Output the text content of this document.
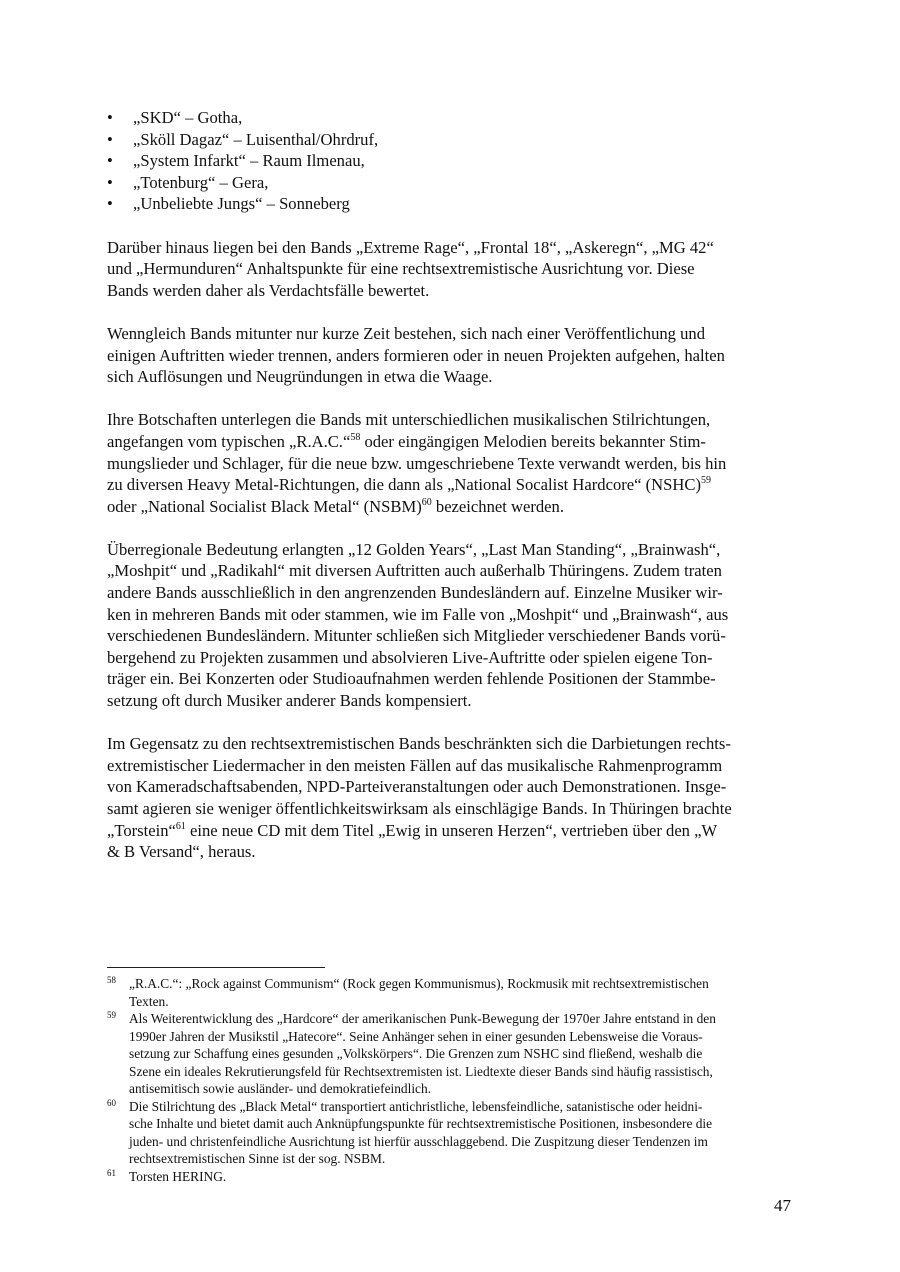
• „SKD“ – Gotha,
• „Sköll Dagaz“ – Luisenthal/Ohrdruf,
• „System Infarkt“ – Raum Ilmenau,
• „Totenburg“ – Gera,
• „Unbeliebte Jungs“ – Sonneberg

Darüber hinaus liegen bei den Bands „Extreme Rage“, „Frontal 18“, „Askeregn“, „MG 42“
und „Hermunduren“ Anhaltspunkte für eine rechtsextremistische Ausrichtung vor. Diese
Bands werden daher als Verdachtsfälle bewertet.

Wenngleich Bands mitunter nur kurze Zeit bestehen, sich nach einer Veröffentlichung und
einigen Auftritten wieder trennen, anders formieren oder in neuen Projekten aufgehen, halten
sich Auflösungen und Neugründungen in etwa die Waage.

Ihre Botschaften unterlegen die Bands mit unterschiedlichen musikalischen Stilrichtungen,
angefangen vom typischen „R.A.C.“$^{58}$ oder eingängigen Melodien bereits bekannter Stim-
mungslieder und Schlager, für die neue bzw. umgeschriebene Texte verwandt werden, bis hin
zu diversen Heavy Metal-Richtungen, die dann als „National Socalist Hardcore“ (NSHC)$^{59}$
oder „National Socialist Black Metal“ (NSBM)$^{60}$ bezeichnet werden.

Überregionale Bedeutung erlangten „12 Golden Years“, „Last Man Standing“, „Brainwash“,
„Moshpit“ und „Radikahl“ mit diversen Auftritten auch außerhalb Thüringens. Zudem traten
andere Bands ausschließlich in den angrenzenden Bundesländern auf. Einzelne Musiker wir-
ken in mehreren Bands mit oder stammen, wie im Falle von „Moshpit“ und „Brainwash“, aus
verschiedenen Bundesländern. Mitunter schließen sich Mitglieder verschiedener Bands vorü-
bergehend zu Projekten zusammen und absolvieren Live-Auftritte oder spielen eigene Ton-
träger ein. Bei Konzerten oder Studioaufnahmen werden fehlende Positionen der Stammbe-
setzung oft durch Musiker anderer Bands kompensiert.

Im Gegensatz zu den rechtsextremistischen Bands beschränkten sich die Darbietungen rechts-
extremistischer Liedermacher in den meisten Fällen auf das musikalische Rahmenprogramm
von Kameradschaftsabenden, NPD-Parteiveranstaltungen oder auch Demonstrationen. Insge-
samt agieren sie weniger öffentlichkeitswirksam als einschlägige Bands. In Thüringen brachte
„Torstein“$^{61}$ eine neue CD mit dem Titel „Ewig in unseren Herzen“, vertrieben über den „W
& B Versand“, heraus.

58 „R.A.C.“: „Rock against Communism“ (Rock gegen Kommunismus), Rockmusik mit rechtsextremistischen
Texten.
59 Als Weiterentwicklung des „Hardcore“ der amerikanischen Punk-Bewegung der 1970er Jahre entstand in den
1990er Jahren der Musikstil „Hatecore“. Seine Anhänger sehen in einer gesunden Lebensweise die Voraus-
setzung zur Schaffung eines gesunden „Volkskörpers“. Die Grenzen zum NSHC sind fließend, weshalb die
Szene ein ideales Rekrutierungsfeld für Rechtsextremisten ist. Liedtexte dieser Bands sind häufig rassistisch,
antisemitisch sowie ausländer- und demokratiefeindlich.
60 Die Stilrichtung des „Black Metal“ transportiert antichristliche, lebensfeindliche, satanistische oder heidni-
sche Inhalte und bietet damit auch Anknüpfungspunkte für rechtsextremistische Positionen, insbesondere die
juden- und christenfeindliche Ausrichtung ist hierfür ausschlaggebend. Die Zuspitzung dieser Tendenzen im
rechtsextremistischen Sinne ist der sog. NSBM.
61 Torsten HERING.
47
